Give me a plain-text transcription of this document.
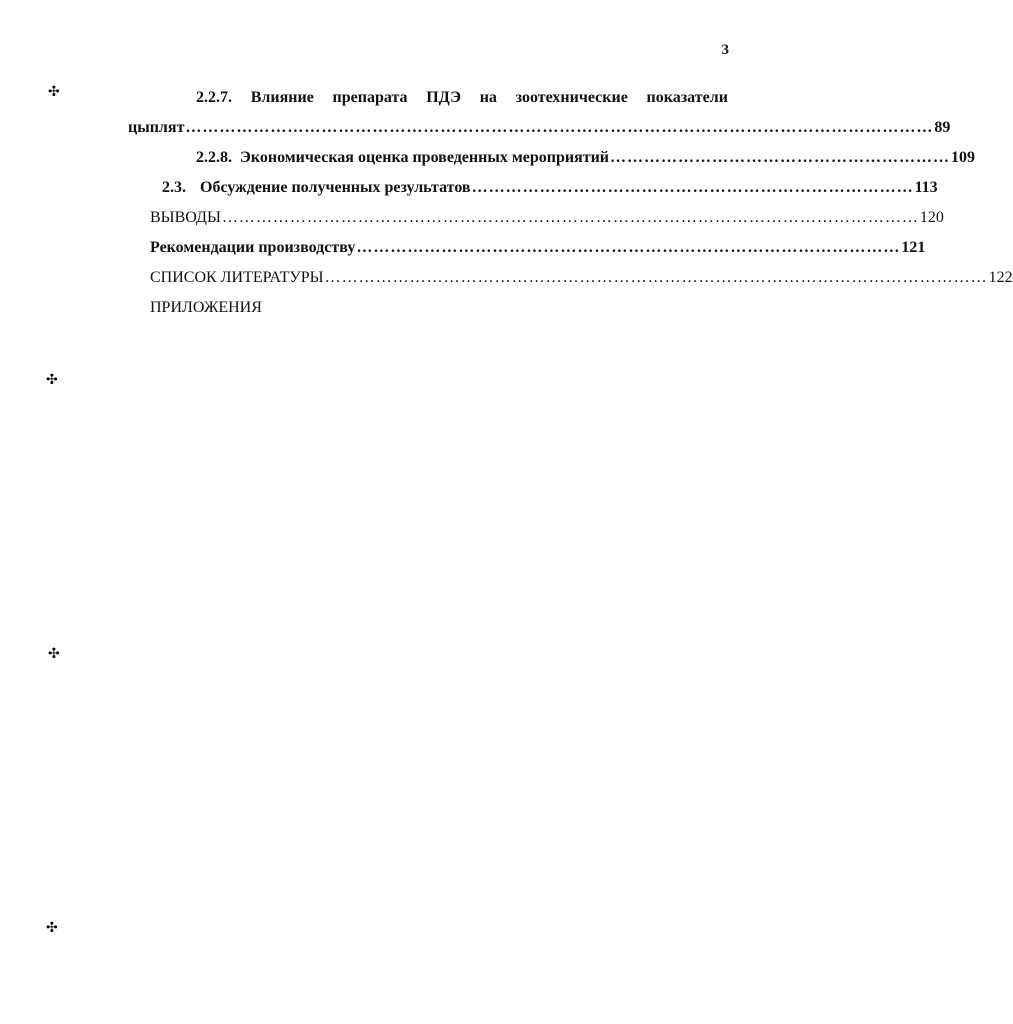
3
2.2.7. Влияние препарата ПДЭ на зоотехнические показатели
цыплят …………………………………………………………………………………………………………………… 89
2.2.8. Экономическая оценка проведенных мероприятий …………………………………………………… 109
2.3. Обсуждение полученных результатов …………………………………………………………………… 113
ВЫВОДЫ …………………………………………………………………………………………………………… 120
Рекомендации производству …………………………………………………………………………………… 121
СПИСОК ЛИТЕРАТУРЫ ……………………………………………………………………………………………………… 122
ПРИЛОЖЕНИЯ
✣
✣
✣
✣
